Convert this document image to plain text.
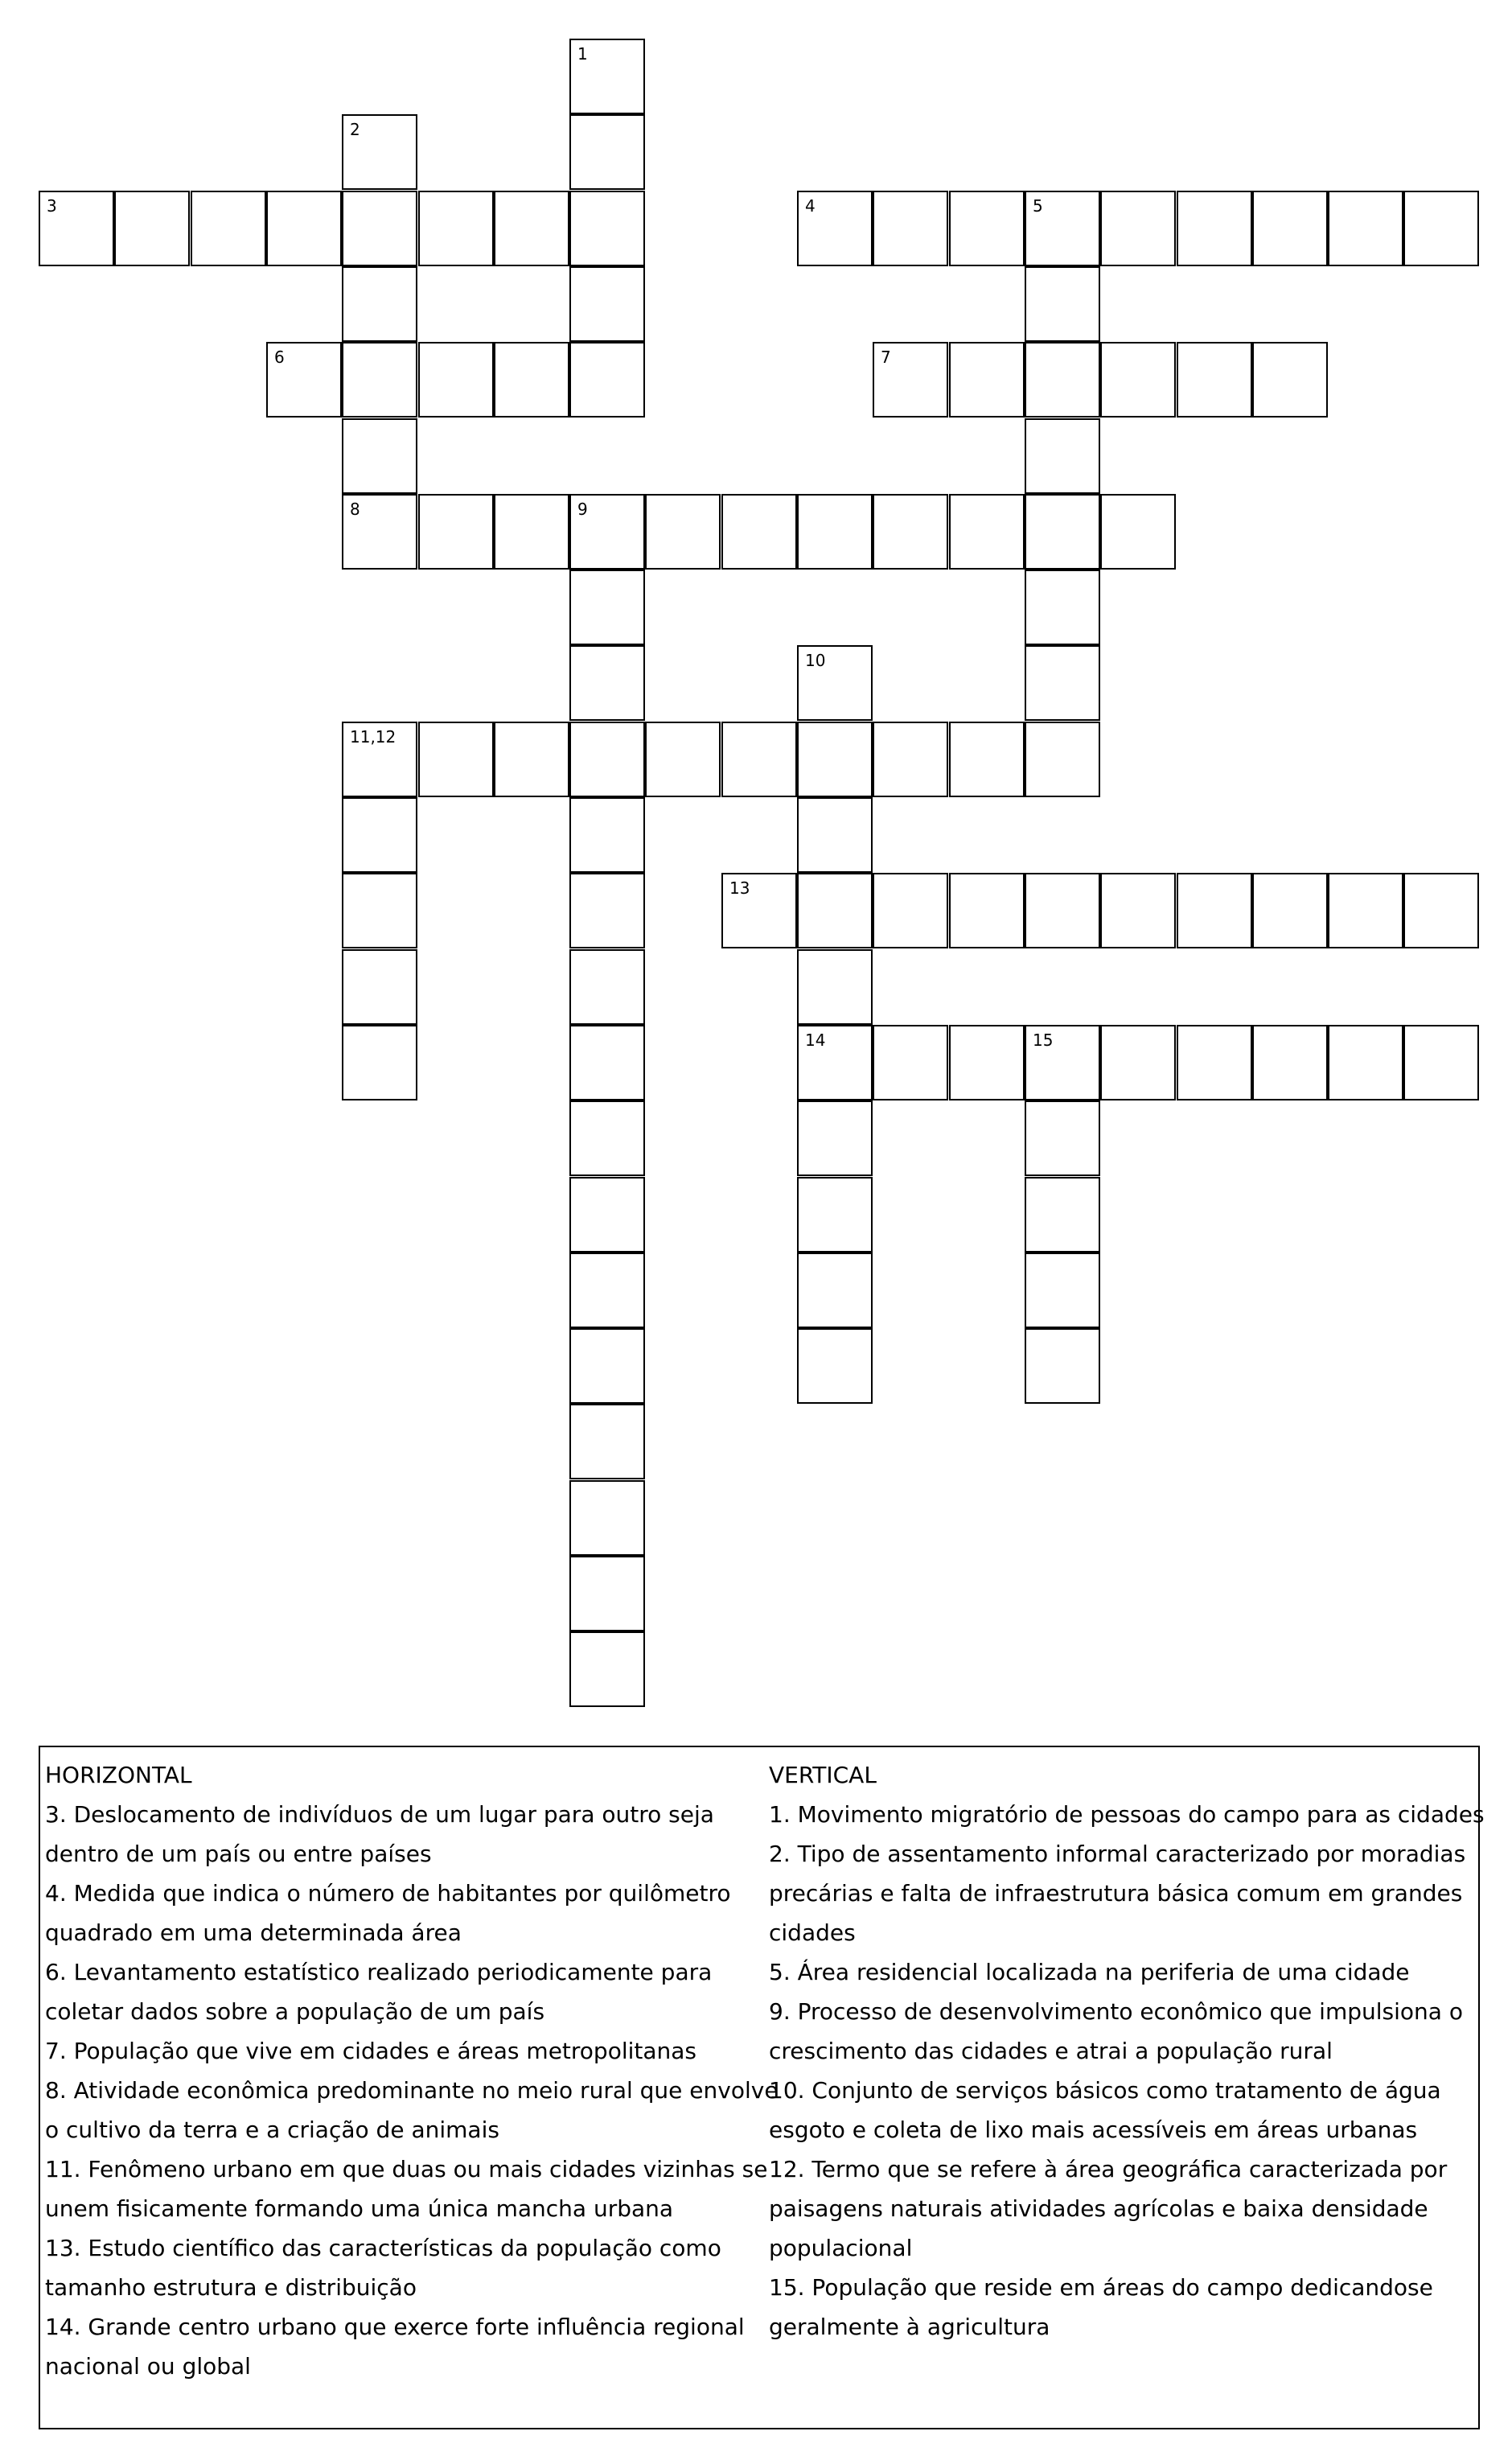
1
2
3	4	5
6	7
8	9
10
14
11,12
13
15
HORIZONTAL
3. Deslocamento de indivíduos de um lugar para outro seja
dentro de um país ou entre países
4. Medida que indica o número de habitantes por quilômetro
quadrado em uma determinada área
6. Levantamento estatístico realizado periodicamente para
coletar dados sobre a população de um país
7. População que vive em cidades e áreas metropolitanas
8. Atividade econômica predominante no meio rural que envolve
o cultivo da terra e a criação de animais
11. Fenômeno urbano em que duas ou mais cidades vizinhas se
unem fisicamente formando uma única mancha urbana
13. Estudo científico das características da população como
tamanho estrutura e distribuição
14. Grande centro urbano que exerce forte influência regional
nacional ou global
VERTICAL
1. Movimento migratório de pessoas do campo para as cidades
2. Tipo de assentamento informal caracterizado por moradias
precárias e falta de infraestrutura básica comum em grandes
cidades
5. Área residencial localizada na periferia de uma cidade
9. Processo de desenvolvimento econômico que impulsiona o
crescimento das cidades e atrai a população rural
10. Conjunto de serviços básicos como tratamento de água
esgoto e coleta de lixo mais acessíveis em áreas urbanas
12. Termo que se refere à área geográfica caracterizada por
paisagens naturais atividades agrícolas e baixa densidade
populacional
15. População que reside em áreas do campo dedicandose
geralmente à agricultura
